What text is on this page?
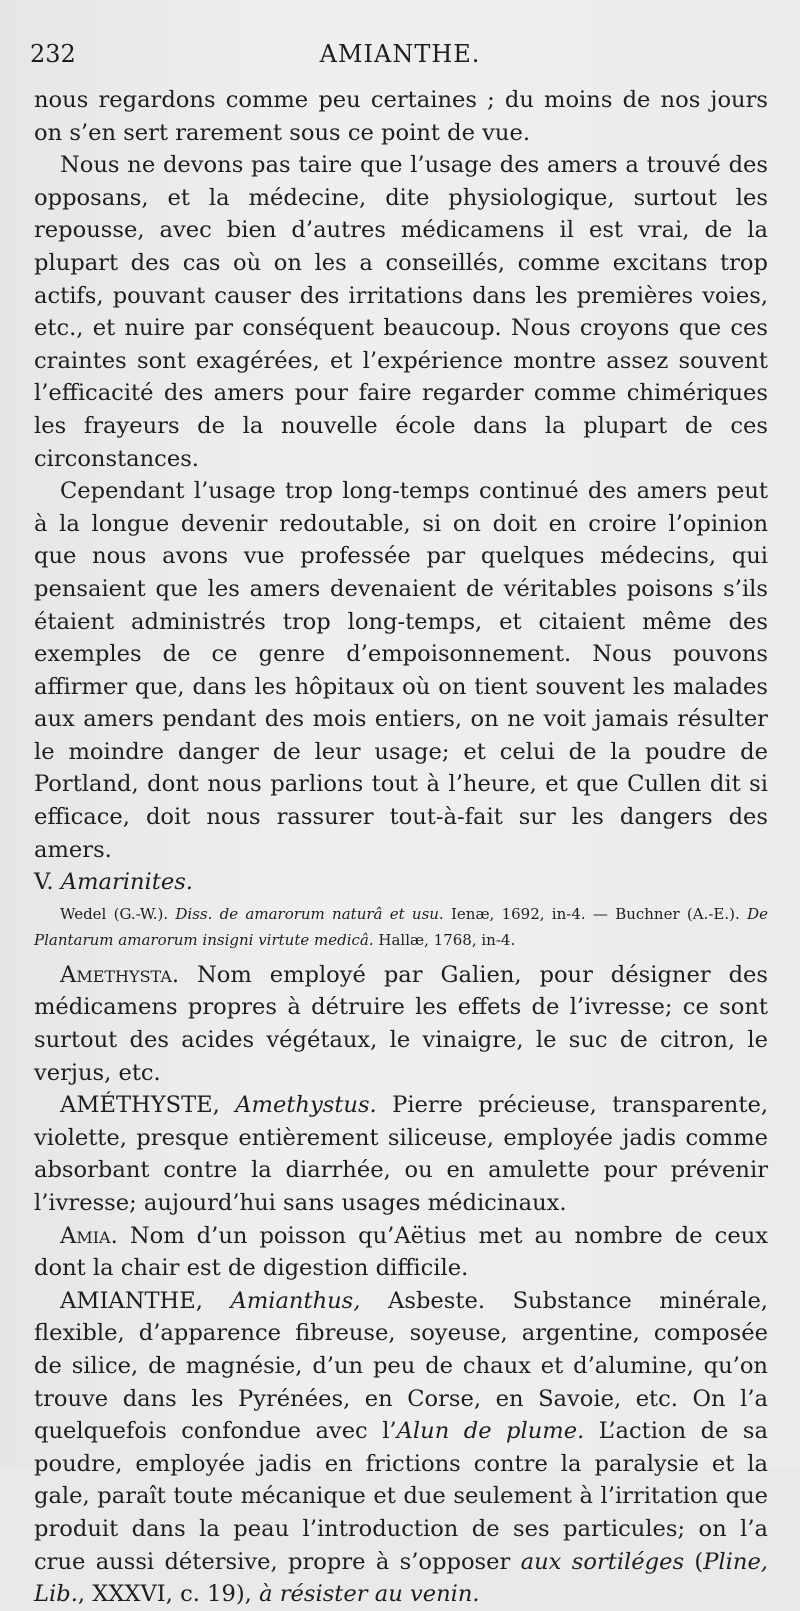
232	AMIANTHE.

nous regardons comme peu certaines ; du moins de nos jours on s’en sert rarement sous ce point de vue.

Nous ne devons pas taire que l’usage des amers a trouvé des opposans, et la médecine, dite physiologique, surtout les repousse, avec bien d’autres médicamens il est vrai, de la plupart des cas où on les a conseillés, comme excitans trop actifs, pouvant causer des irritations dans les premières voies, etc., et nuire par conséquent beaucoup. Nous croyons que ces craintes sont exagérées, et l’expérience montre assez souvent l’efficacité des amers pour faire regarder comme chimériques les frayeurs de la nouvelle école dans la plupart de ces circonstances.

Cependant l’usage trop long-temps continué des amers peut à la longue devenir redoutable, si on doit en croire l’opinion que nous avons vue professée par quelques médecins, qui pensaient que les amers devenaient de véritables poisons s’ils étaient administrés trop long-temps, et citaient même des exemples de ce genre d’empoisonnement. Nous pouvons affirmer que, dans les hôpitaux où on tient souvent les malades aux amers pendant des mois entiers, on ne voit jamais résulter le moindre danger de leur usage; et celui de la poudre de Portland, dont nous parlions tout à l’heure, et que Cullen dit si efficace, doit nous rassurer tout-à-fait sur les dangers des amers.

V. Amarinites.

Wedel (G.-W.). Diss. de amarorum naturâ et usu. Ienæ, 1692, in-4. — Buchner (A.-E.). De Plantarum amarorum insigni virtute medicâ. Hallæ, 1768, in-4.

Amethysta. Nom employé par Galien, pour désigner des médicamens propres à détruire les effets de l’ivresse; ce sont surtout des acides végétaux, le vinaigre, le suc de citron, le verjus, etc.

AMÉTHYSTE, Amethystus. Pierre précieuse, transparente, violette, presque entièrement siliceuse, employée jadis comme absorbant contre la diarrhée, ou en amulette pour prévenir l’ivresse; aujourd’hui sans usages médicinaux.

Amia. Nom d’un poisson qu’Aëtius met au nombre de ceux dont la chair est de digestion difficile.

AMIANTHE, Amianthus, Asbeste. Substance minérale, flexible, d’apparence fibreuse, soyeuse, argentine, composée de silice, de magnésie, d’un peu de chaux et d’alumine, qu’on trouve dans les Pyrénées, en Corse, en Savoie, etc. On l’a quelquefois confondue avec l’Alun de plume. L’action de sa poudre, employée jadis en frictions contre la paralysie et la gale, paraît toute mécanique et due seulement à l’irritation que produit dans la peau l’introduction de ses particules; on l’a crue aussi détersive, propre à s’opposer aux sortiléges (Pline, Lib., XXXVI, c. 19), à résister au venin.
